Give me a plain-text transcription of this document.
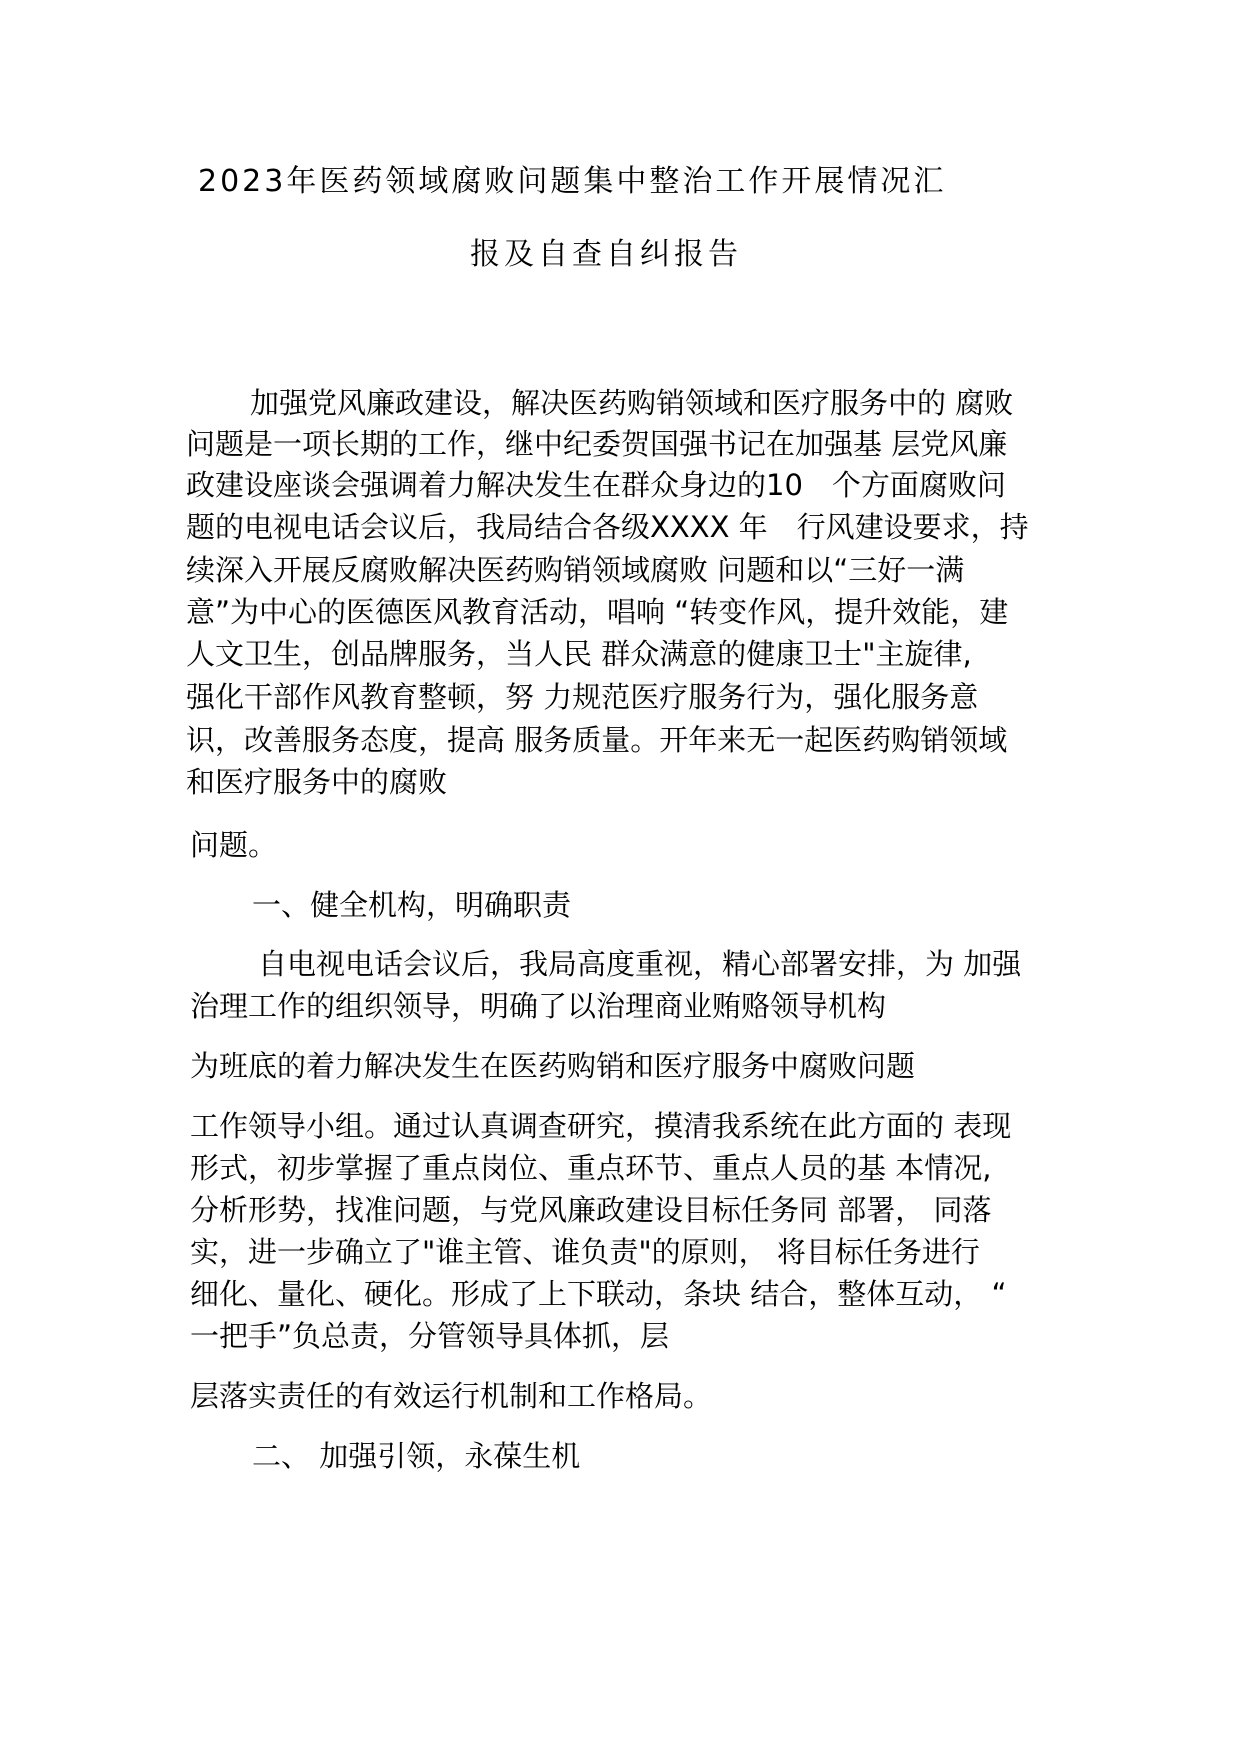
2023年医药领域腐败问题集中整治工作开展情况汇
报及自查自纠报告
加强党风廉政建设，解决医药购销领域和医疗服务中的 腐败
问题是一项长期的工作，继中纪委贺国强书记在加强基 层党风廉
政建设座谈会强调着力解决发生在群众身边的10　个方面腐败问
题的电视电话会议后，我局结合各级XXXX 年　行风建设要求，持
续深入开展反腐败解决医药购销领域腐败 问题和以“三好一满
意”为中心的医德医风教育活动，唱响 “转变作风，提升效能，建
人文卫生，创品牌服务，当人民 群众满意的健康卫士"主旋律,
强化干部作风教育整顿，努 力规范医疗服务行为，强化服务意
识，改善服务态度，提高 服务质量。开年来无一起医药购销领域
和医疗服务中的腐败
问题。
一、健全机构，明确职责
自电视电话会议后，我局高度重视，精心部署安排，为 加强
治理工作的组织领导，明确了以治理商业贿赂领导机构
为班底的着力解决发生在医药购销和医疗服务中腐败问题
工作领导小组。通过认真调查研究，摸清我系统在此方面的 表现
形式，初步掌握了重点岗位、重点环节、重点人员的基 本情况,
分析形势，找准问题，与党风廉政建设目标任务同 部署， 同落
实，进一步确立了"谁主管、谁负责"的原则， 将目标任务进行
细化、量化、硬化。形成了上下联动，条块 结合，整体互动， “
一把手”负总责，分管领导具体抓，层
层落实责任的有效运行机制和工作格局。
二、 加强引领，永葆生机
